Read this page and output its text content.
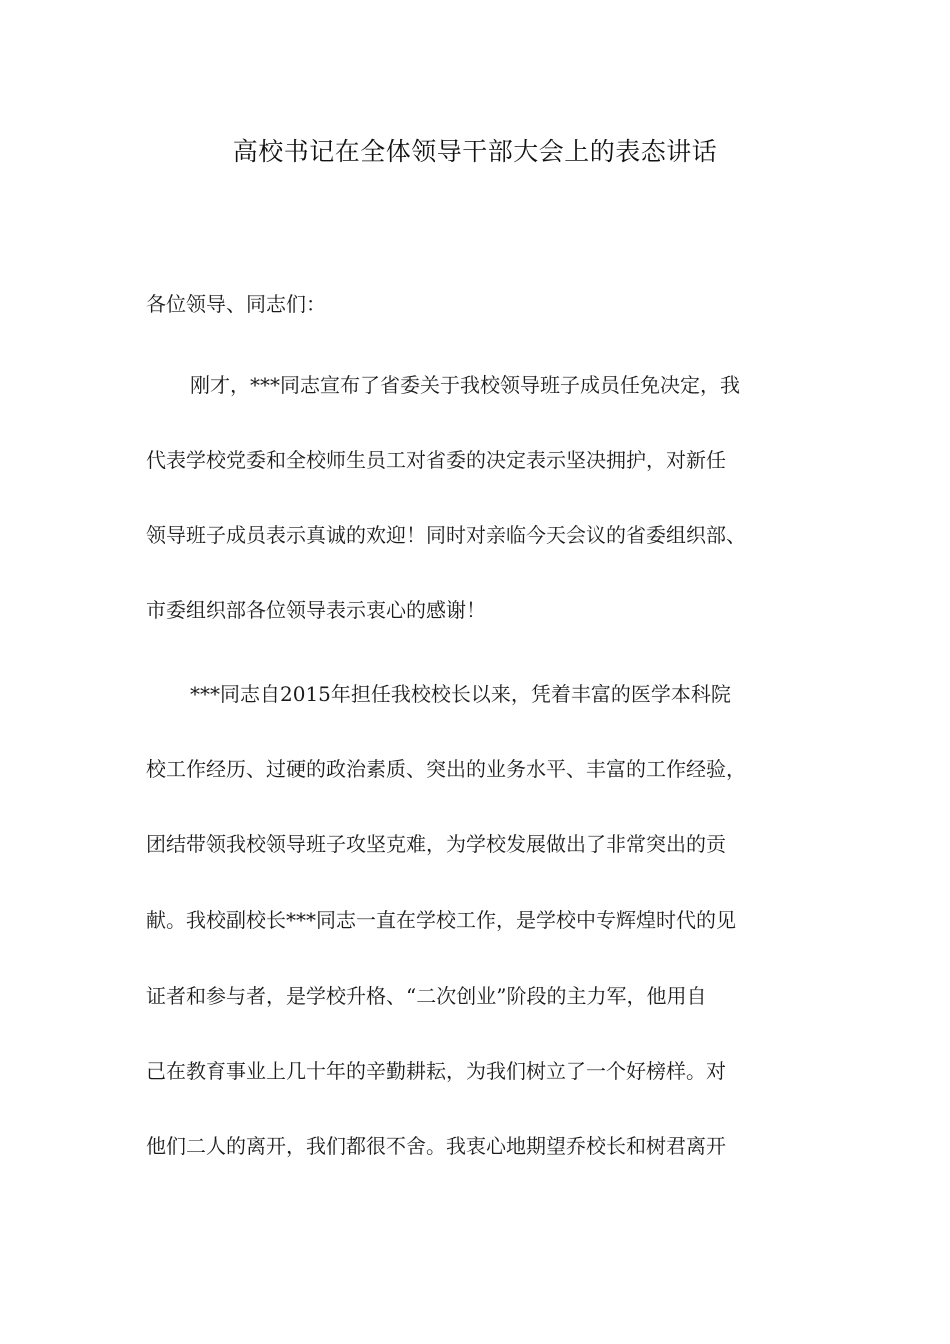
高校书记在全体领导干部大会上的表态讲话
各位领导、同志们：
刚才，***同志宣布了省委关于我校领导班子成员任免决定，我
代表学校党委和全校师生员工对省委的决定表示坚决拥护，对新任
领导班子成员表示真诚的欢迎！同时对亲临今天会议的省委组织部、
市委组织部各位领导表示衷心的感谢！
***同志自2015年担任我校校长以来，凭着丰富的医学本科院
校工作经历、过硬的政治素质、突出的业务水平、丰富的工作经验，
团结带领我校领导班子攻坚克难，为学校发展做出了非常突出的贡
献。我校副校长***同志一直在学校工作，是学校中专辉煌时代的见
证者和参与者，是学校升格、“二次创业”阶段的主力军，他用自
己在教育事业上几十年的辛勤耕耘，为我们树立了一个好榜样。对
他们二人的离开，我们都很不舍。我衷心地期望乔校长和树君离开
